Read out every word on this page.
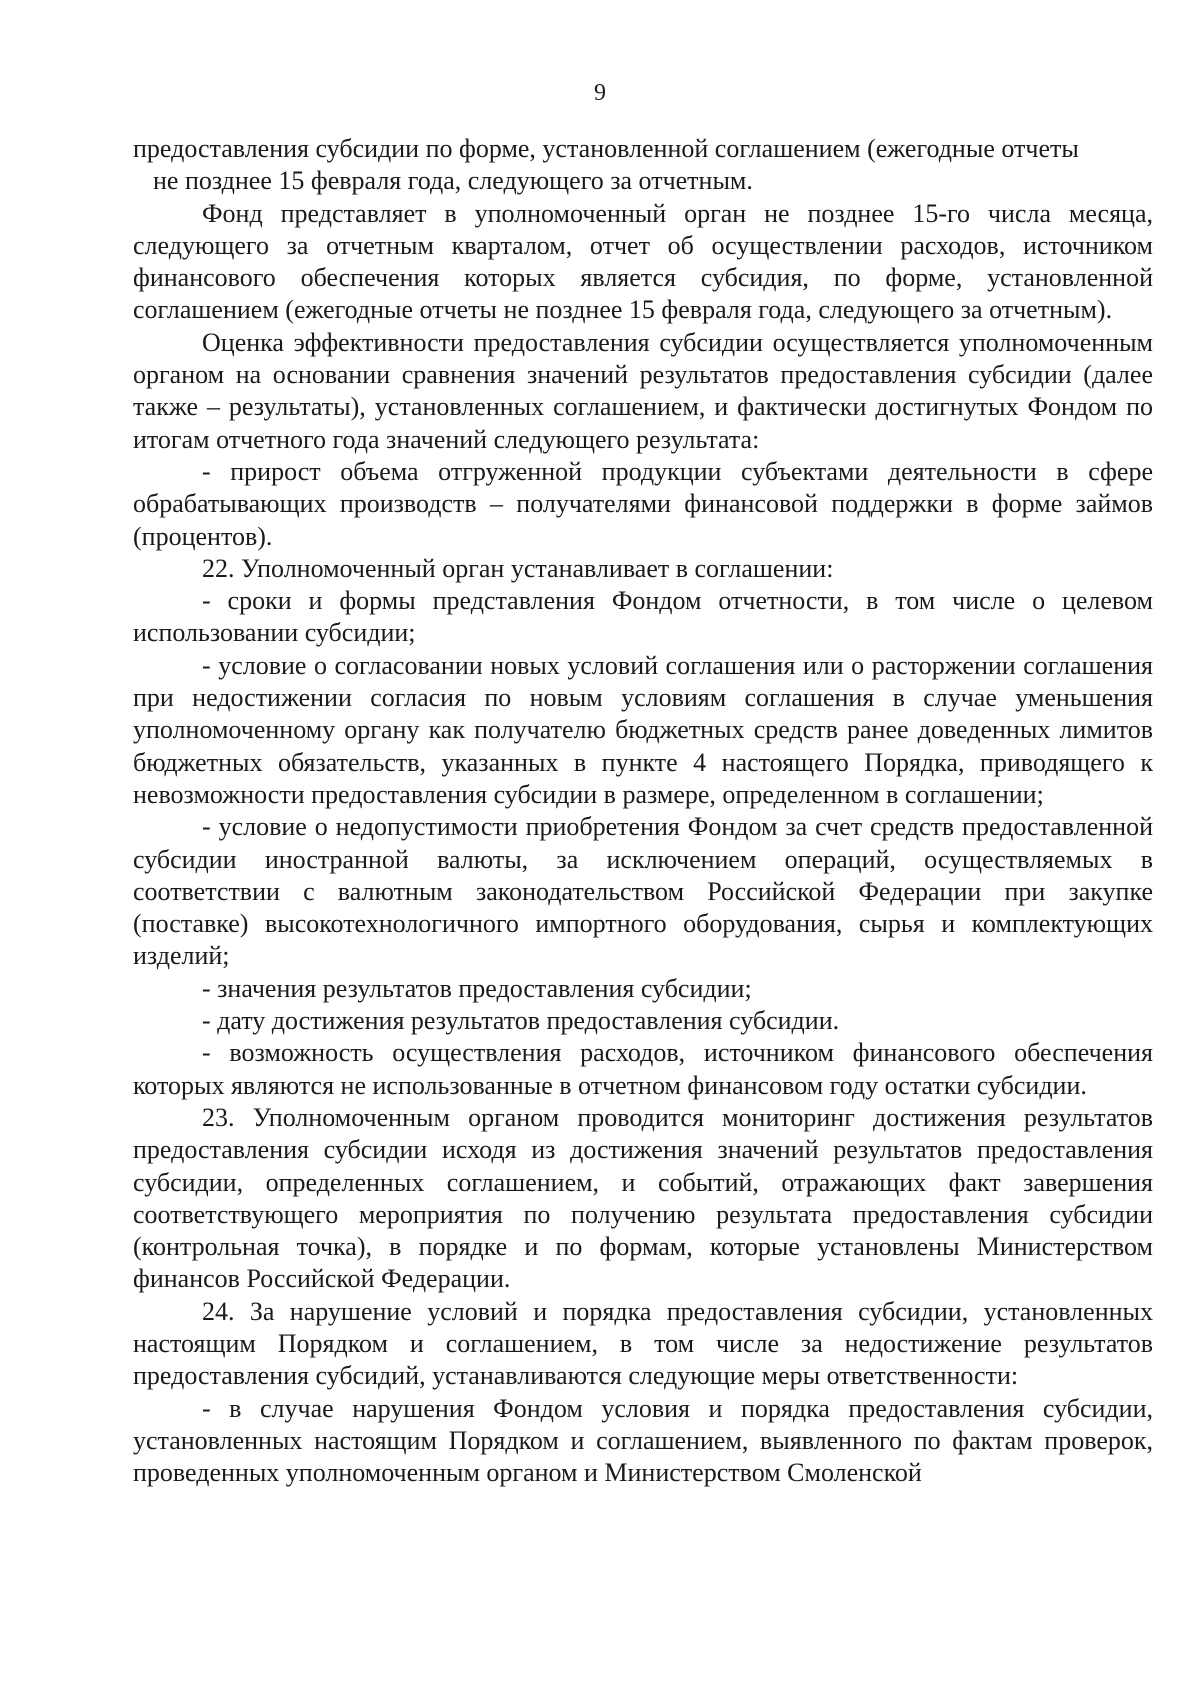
9

предоставления субсидии по форме, установленной соглашением (ежегодные отчеты

не позднее 15 февраля года, следующего за отчетным.

Фонд представляет в уполномоченный орган не позднее 15-го числа месяца, следующего за отчетным кварталом, отчет об осуществлении расходов, источником финансового обеспечения которых является субсидия, по форме, установленной соглашением (ежегодные отчеты не позднее 15 февраля года, следующего за отчетным).

Оценка эффективности предоставления субсидии осуществляется уполномоченным органом на основании сравнения значений результатов предоставления субсидии (далее также – результаты), установленных соглашением, и фактически достигнутых Фондом по итогам отчетного года значений следующего результата:

- прирост объема отгруженной продукции субъектами деятельности в сфере обрабатывающих производств – получателями финансовой поддержки в форме займов (процентов).

22. Уполномоченный орган устанавливает в соглашении:

- сроки и формы представления Фондом отчетности, в том числе о целевом использовании субсидии;

- условие о согласовании новых условий соглашения или о расторжении соглашения при недостижении согласия по новым условиям соглашения в случае уменьшения уполномоченному органу как получателю бюджетных средств ранее доведенных лимитов бюджетных обязательств, указанных в пункте 4 настоящего Порядка, приводящего к невозможности предоставления субсидии в размере, определенном в соглашении;

- условие о недопустимости приобретения Фондом за счет средств предоставленной субсидии иностранной валюты, за исключением операций, осуществляемых в соответствии с валютным законодательством Российской Федерации при закупке (поставке) высокотехнологичного импортного оборудования, сырья и комплектующих изделий;

- значения результатов предоставления субсидии;

- дату достижения результатов предоставления субсидии.

- возможность осуществления расходов, источником финансового обеспечения которых являются не использованные в отчетном финансовом году остатки субсидии.

23. Уполномоченным органом проводится мониторинг достижения результатов предоставления субсидии исходя из достижения значений результатов предоставления субсидии, определенных соглашением, и событий, отражающих факт завершения соответствующего мероприятия по получению результата предоставления субсидии (контрольная точка), в порядке и по формам, которые установлены Министерством финансов Российской Федерации.

24. За нарушение условий и порядка предоставления субсидии, установленных настоящим Порядком и соглашением, в том числе за недостижение результатов предоставления субсидий, устанавливаются следующие меры ответственности:

- в случае нарушения Фондом условия и порядка предоставления субсидии, установленных настоящим Порядком и соглашением, выявленного по фактам проверок, проведенных уполномоченным органом и Министерством Смоленской
